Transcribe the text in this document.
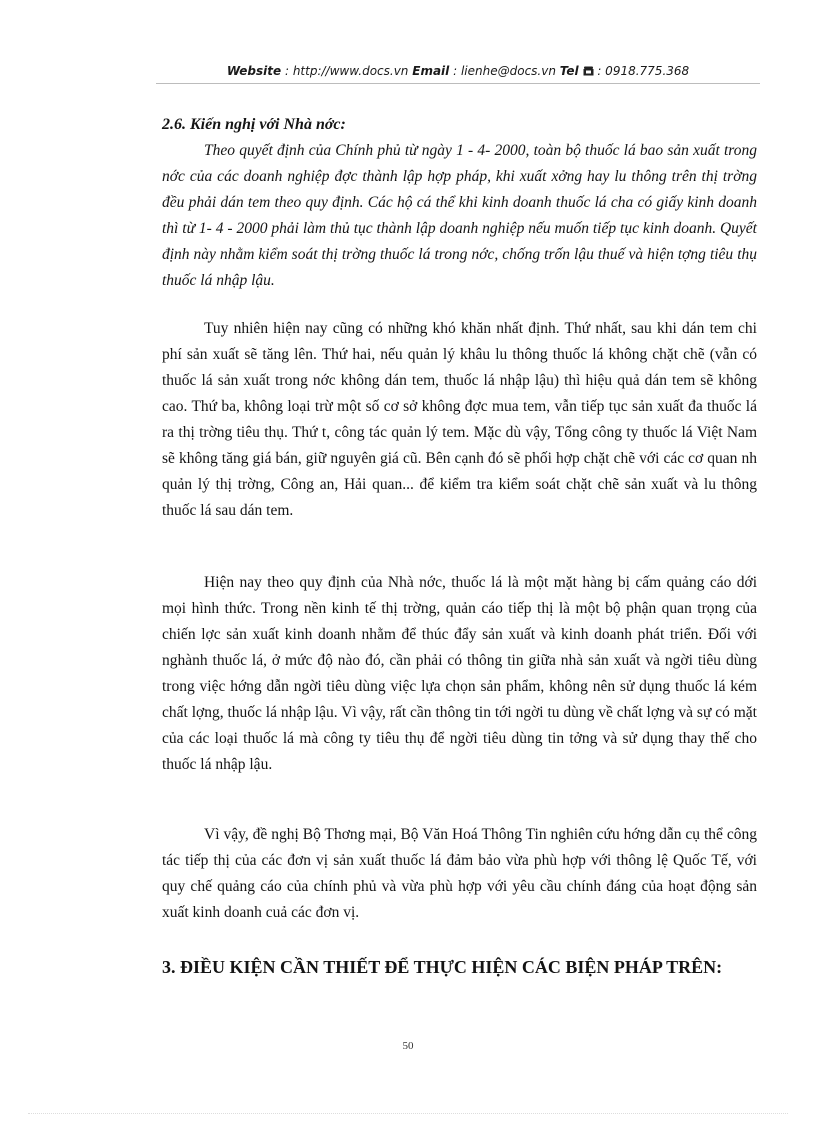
Website : http://www.docs.vn Email : lienhe@docs.vn Tel : 0918.775.368
2.6. Kiến nghị với Nhà nớc:

Theo quyết định của Chính phủ từ ngày 1 - 4- 2000, toàn bộ thuốc lá bao sản xuất trong nớc của các doanh nghiệp đợc thành lập hợp pháp, khi xuất xởng hay lu thông trên thị trờng đều phải dán tem theo quy định. Các hộ cá thể khi kinh doanh thuốc lá cha có giấy kinh doanh thì từ 1- 4 - 2000 phải làm thủ tục thành lập doanh nghiệp nếu muốn tiếp tục kinh doanh. Quyết định này nhằm kiểm soát thị trờng thuốc lá trong nớc, chống trốn lậu thuế và hiện tợng tiêu thụ thuốc lá nhập lậu.

Tuy nhiên hiện nay cũng có những khó khăn nhất định. Thứ nhất, sau khi dán tem chi phí sản xuất sẽ tăng lên. Thứ hai, nếu quản lý khâu lu thông thuốc lá không chặt chẽ (vẫn có thuốc lá sản xuất trong nớc không dán tem, thuốc lá nhập lậu) thì hiệu quả dán tem sẽ không cao. Thứ ba, không loại trừ một số cơ sở không đợc mua tem, vẫn tiếp tục sản xuất đa thuốc lá ra thị trờng tiêu thụ. Thứ t, công tác quản lý tem. Mặc dù vậy, Tổng công ty thuốc lá Việt Nam sẽ không tăng giá bán, giữ nguyên giá cũ. Bên cạnh đó sẽ phối hợp chặt chẽ với các cơ quan nh quản lý thị trờng, Công an, Hải quan... để kiểm tra kiểm soát chặt chẽ sản xuất và lu thông thuốc lá sau dán tem.

Hiện nay theo quy định của Nhà nớc, thuốc lá là một mặt hàng bị cấm quảng cáo dới mọi hình thức. Trong nền kinh tế thị trờng, quản cáo tiếp thị là một bộ phận quan trọng của chiến lợc sản xuất kinh doanh nhằm để thúc đẩy sản xuất và kinh doanh phát triển. Đối với nghành thuốc lá, ở mức độ nào đó, cần phải có thông tin giữa nhà sản xuất và ngời tiêu dùng trong việc hớng dẫn ngời tiêu dùng việc lựa chọn sản phẩm, không nên sử dụng thuốc lá kém chất lợng, thuốc lá nhập lậu. Vì vậy, rất cần thông tin tới ngời tu dùng về chất lợng và sự có mặt của các loại thuốc lá mà công ty tiêu thụ để ngời tiêu dùng tin tởng và sử dụng thay thế cho thuốc lá nhập lậu.

Vì vậy, đề nghị Bộ Thơng mại, Bộ Văn Hoá Thông Tin nghiên cứu hớng dẫn cụ thể công tác tiếp thị của các đơn vị sản xuất thuốc lá đảm bảo vừa phù hợp với thông lệ Quốc Tế, với quy chế quảng cáo của chính phủ và vừa phù hợp với yêu cầu chính đáng của hoạt động sản xuất kinh doanh cuả các đơn vị.

3. ĐIỀU KIỆN CẦN THIẾT ĐỂ THỰC HIỆN CÁC BIỆN PHÁP TRÊN:

50
